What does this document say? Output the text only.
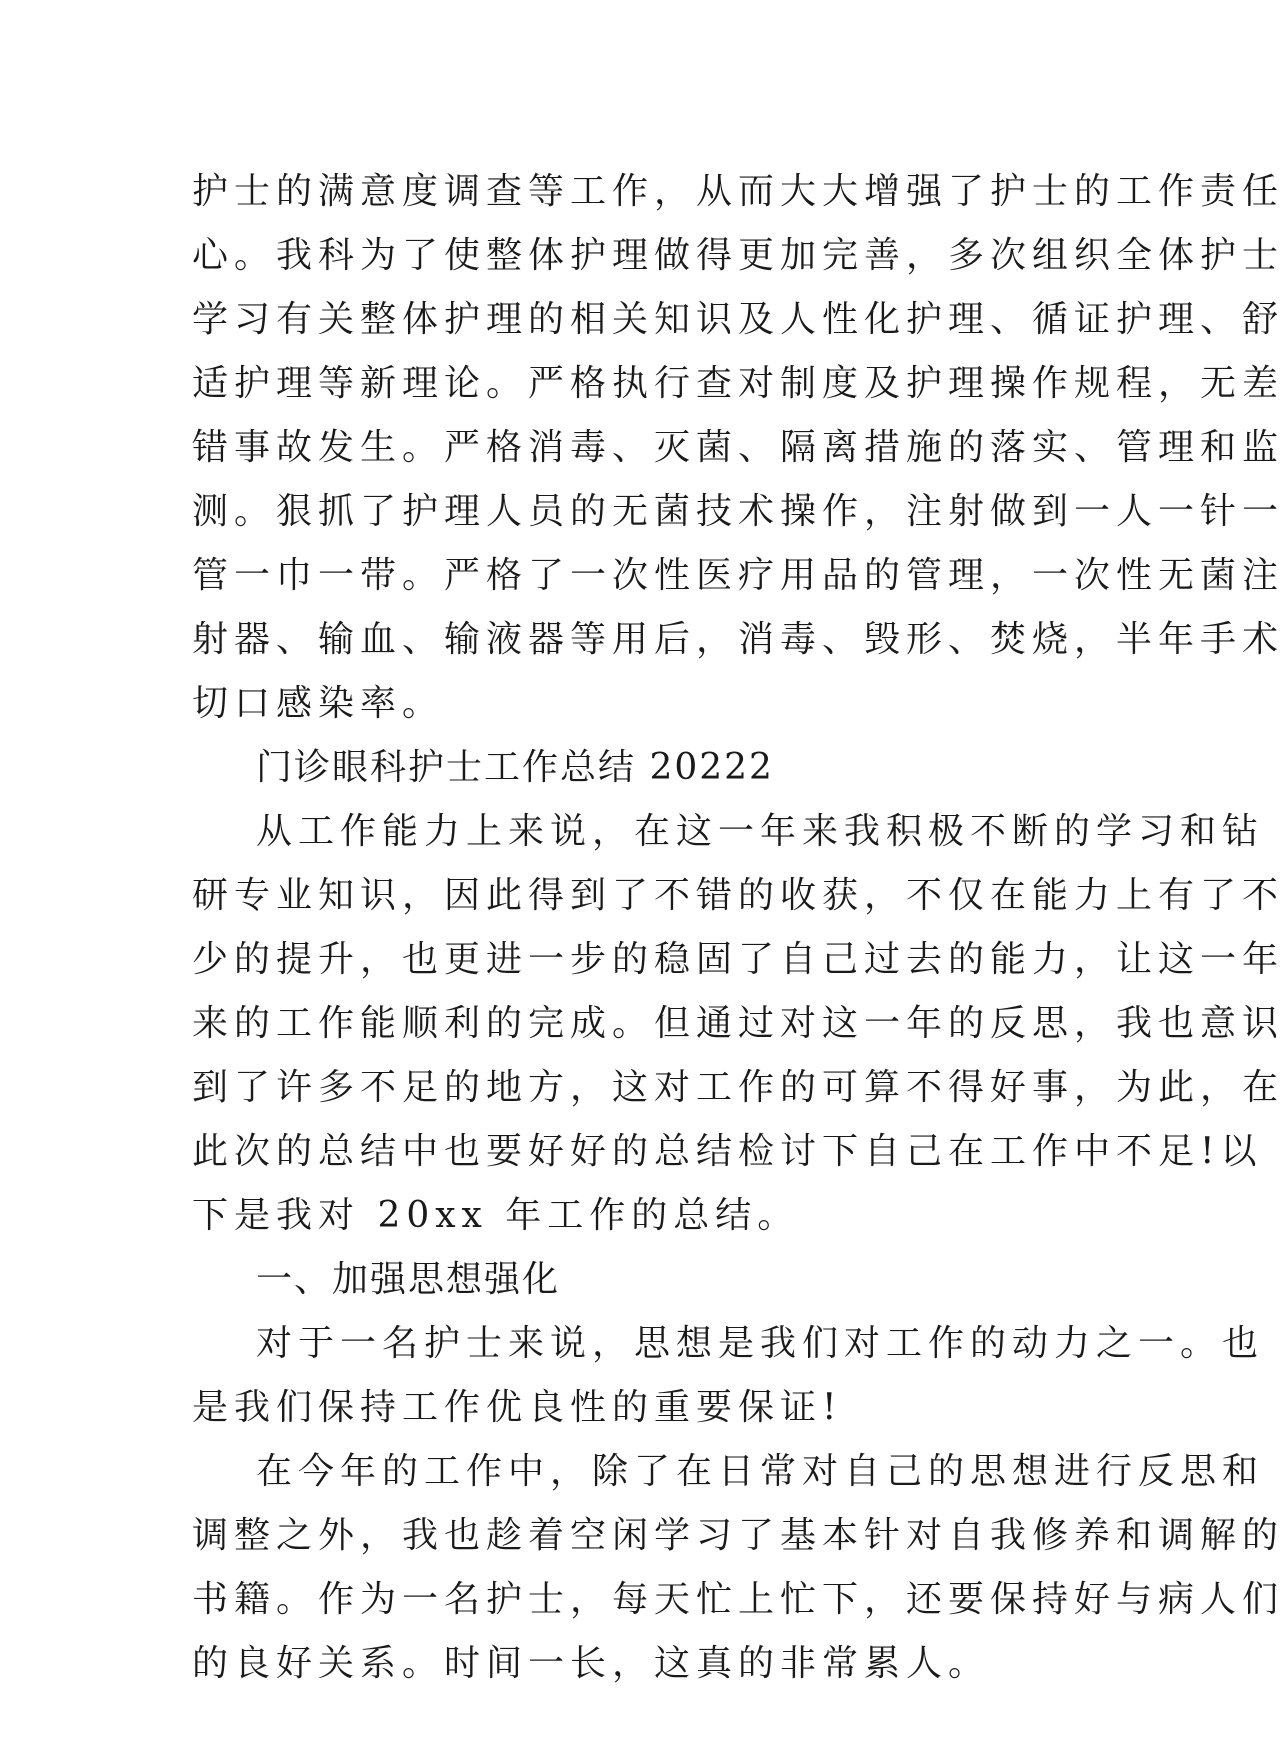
护士的满意度调查等工作，从而大大增强了护士的工作责任
心。我科为了使整体护理做得更加完善，多次组织全体护士
学习有关整体护理的相关知识及人性化护理、循证护理、舒
适护理等新理论。严格执行查对制度及护理操作规程，无差
错事故发生。严格消毒、灭菌、隔离措施的落实、管理和监
测。狠抓了护理人员的无菌技术操作，注射做到一人一针一
管一巾一带。严格了一次性医疗用品的管理，一次性无菌注
射器、输血、输液器等用后，消毒、毁形、焚烧，半年手术
切口感染率。
门诊眼科护士工作总结 20222
从工作能力上来说，在这一年来我积极不断的学习和钻
研专业知识，因此得到了不错的收获，不仅在能力上有了不
少的提升，也更进一步的稳固了自己过去的能力，让这一年
来的工作能顺利的完成。但通过对这一年的反思，我也意识
到了许多不足的地方，这对工作的可算不得好事，为此，在
此次的总结中也要好好的总结检讨下自己在工作中不足!以
下是我对 20xx 年工作的总结。
一、加强思想强化
对于一名护士来说，思想是我们对工作的动力之一。也
是我们保持工作优良性的重要保证!
在今年的工作中，除了在日常对自己的思想进行反思和
调整之外，我也趁着空闲学习了基本针对自我修养和调解的
书籍。作为一名护士，每天忙上忙下，还要保持好与病人们
的良好关系。时间一长，这真的非常累人。
